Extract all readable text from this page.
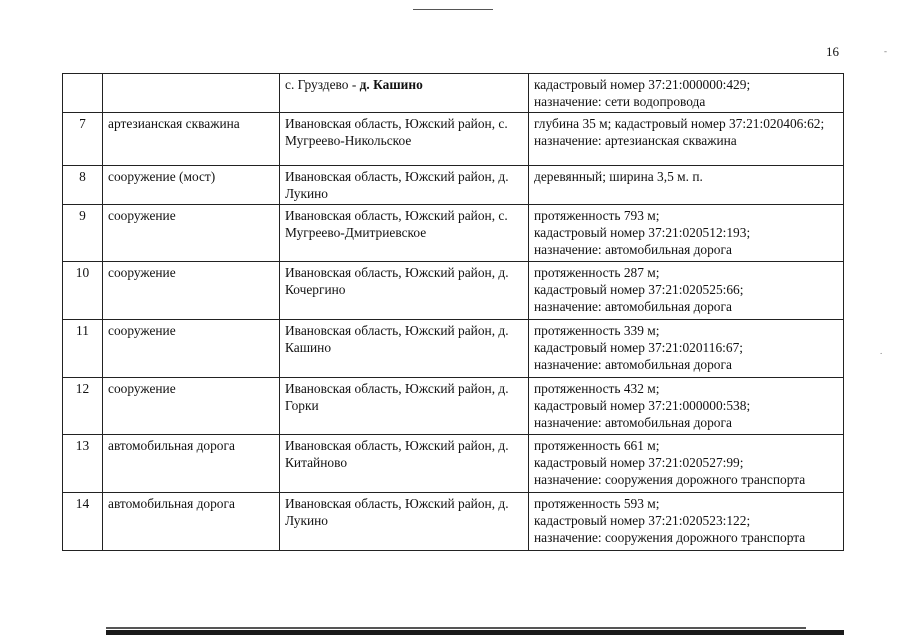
16	-
.
		с. Груздево - д. Кашино	кадастровый номер 37:21:000000:429;
назначение: сети водопровода

7	артезианская скважина	Ивановская область, Южский район, с. Мугреево-Никольское	глубина 35 м; кадастровый номер 37:21:020406:62; назначение: артезианская скважина

8	сооружение (мост)	Ивановская область, Южский район, д. Лукино	деревянный; ширина 3,5 м. п.

9	сооружение	Ивановская область, Южский район, с. Мугреево-Дмитриевское	протяженность 793 м;
кадастровый номер 37:21:020512:193;
назначение: автомобильная дорога

10	сооружение	Ивановская область, Южский район, д. Кочергино	протяженность 287 м;
кадастровый номер 37:21:020525:66;
назначение: автомобильная дорога

11	сооружение	Ивановская область, Южский район, д. Кашино	протяженность 339 м;
кадастровый номер 37:21:020116:67;
назначение: автомобильная дорога

12	сооружение	Ивановская область, Южский район, д. Горки	протяженность 432 м;
кадастровый номер 37:21:000000:538;
назначение: автомобильная дорога

13	автомобильная дорога	Ивановская область, Южский район, д. Китайново	протяженность 661 м;
кадастровый номер 37:21:020527:99;
назначение: сооружения дорожного транспорта

14	автомобильная дорога	Ивановская область, Южский район, д. Лукино	протяженность 593 м;
кадастровый номер 37:21:020523:122;
назначение: сооружения дорожного транспорта
